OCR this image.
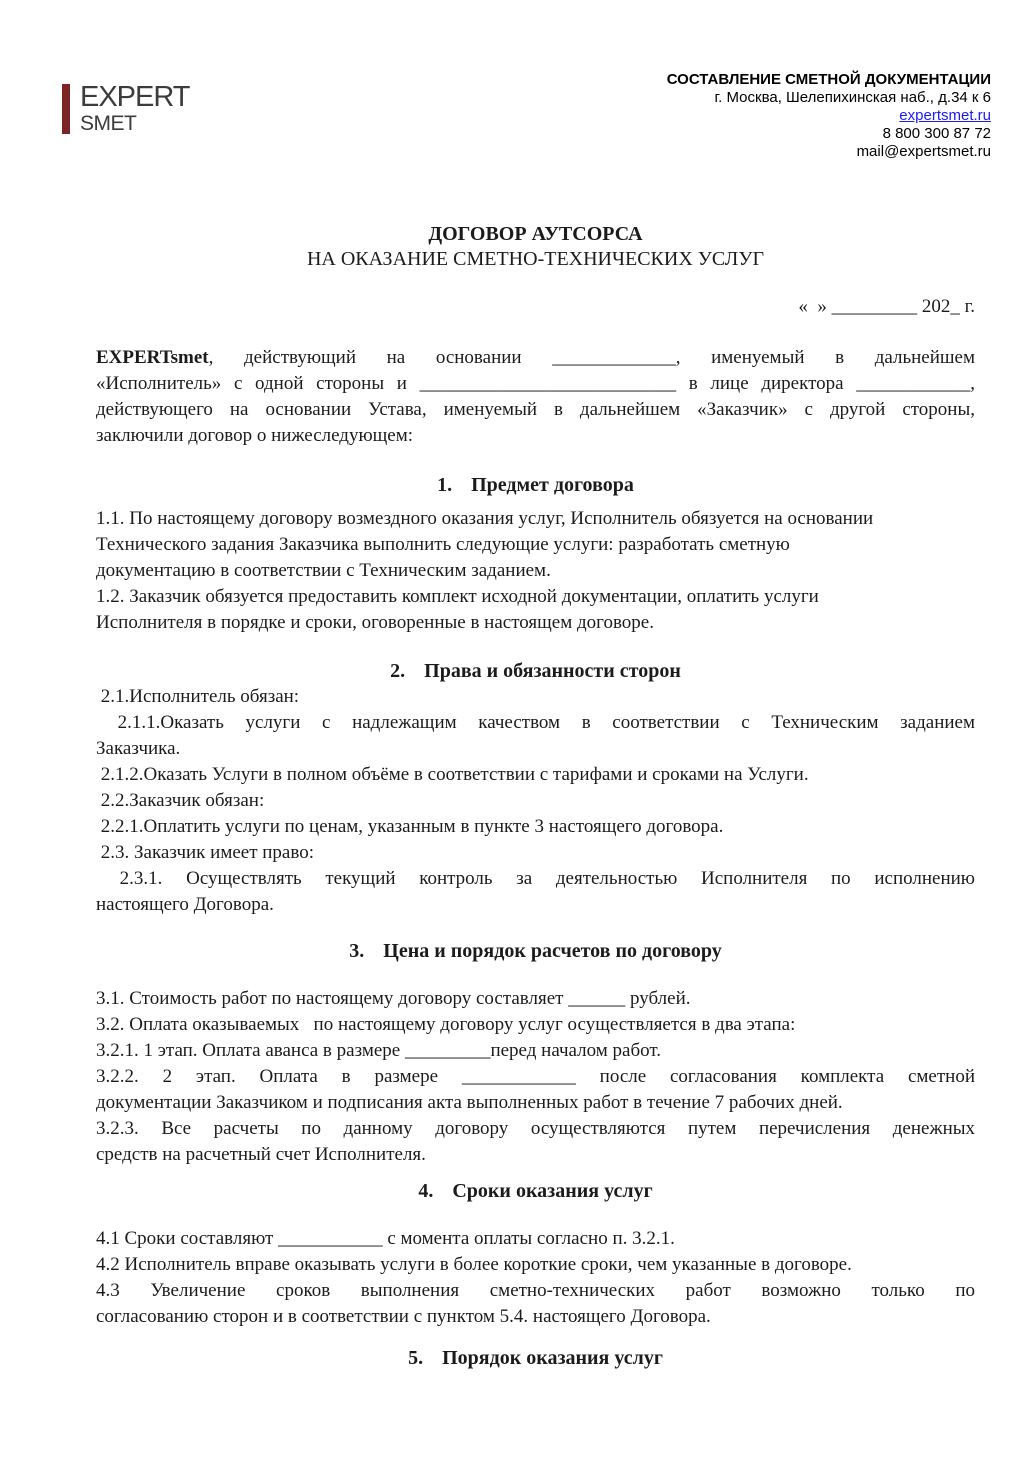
EXPERT
SMET
СОСТАВЛЕНИЕ СМЕТНОЙ ДОКУМЕНТАЦИИ
г. Москва, Шелепихинская наб., д.34 к 6
expertsmet.ru
8 800 300 87 72
mail@expertsmet.ru
ДОГОВОР АУТСОРСА
НА ОКАЗАНИЕ СМЕТНО-ТЕХНИЧЕСКИХ УСЛУГ
«  » _________ 202_ г.
EXPERTsmet, действующий на основании _____________, именуемый в дальнейшем
«Исполнитель» с одной стороны и ___________________________ в лице директора ____________,
действующего на основании Устава, именуемый в дальнейшем «Заказчик» с другой стороны,
заключили договор о нижеследующем:
1. Предмет договора
1.1. По настоящему договору возмездного оказания услуг, Исполнитель обязуется на основании
Технического задания Заказчика выполнить следующие услуги: разработать сметную
документацию в соответствии с Техническим заданием.
1.2. Заказчик обязуется предоставить комплект исходной документации, оплатить услуги
Исполнителя в порядке и сроки, оговоренные в настоящем договоре.
2. Права и обязанности сторон
2.1.Исполнитель обязан:
2.1.1.Оказать услуги с надлежащим качеством в соответствии с Техническим заданием
Заказчика.
2.1.2.Оказать Услуги в полном объёме в соответствии с тарифами и сроками на Услуги.
2.2.Заказчик обязан:
2.2.1.Оплатить услуги по ценам, указанным в пункте 3 настоящего договора.
2.3. Заказчик имеет право:
2.3.1. Осуществлять текущий контроль за деятельностью Исполнителя по исполнению
настоящего Договора.
3. Цена и порядок расчетов по договору
3.1. Стоимость работ по настоящему договору составляет ______ рублей.
3.2. Оплата оказываемых   по настоящему договору услуг осуществляется в два этапа:
3.2.1. 1 этап. Оплата аванса в размере _________перед началом работ.
3.2.2. 2 этап. Оплата в размере ____________ после согласования комплекта сметной
документации Заказчиком и подписания акта выполненных работ в течение 7 рабочих дней.
3.2.3. Все расчеты по данному договору осуществляются путем перечисления денежных
средств на расчетный счет Исполнителя.
4. Сроки оказания услуг
4.1 Сроки составляют ___________ с момента оплаты согласно п. 3.2.1.
4.2 Исполнитель вправе оказывать услуги в более короткие сроки, чем указанные в договоре.
4.3 Увеличение сроков выполнения сметно-технических работ возможно только по
согласованию сторон и в соответствии с пунктом 5.4. настоящего Договора.
5. Порядок оказания услуг
